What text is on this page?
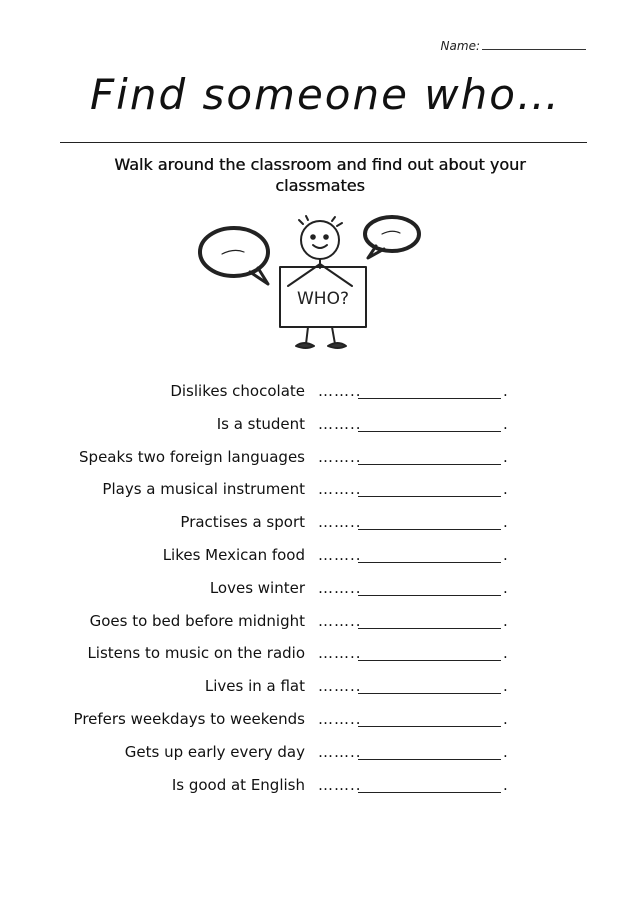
Name:
Find someone who…
Walk around the classroom and find out about your classmates
WHO?
Dislikes chocolate ……..	.
Is a student ……..	.
Speaks two foreign languages ……..	.
Plays a musical instrument ……..	.
Practises a sport ……..	.
Likes Mexican food ……..	.
Loves winter ……..	.
Goes to bed before midnight ……..	.
Listens to music on the radio ……..	.
Lives in a flat ……..	.
Prefers weekdays to weekends ……..	.
Gets up early every day ……..	.
Is good at English ……..	.
